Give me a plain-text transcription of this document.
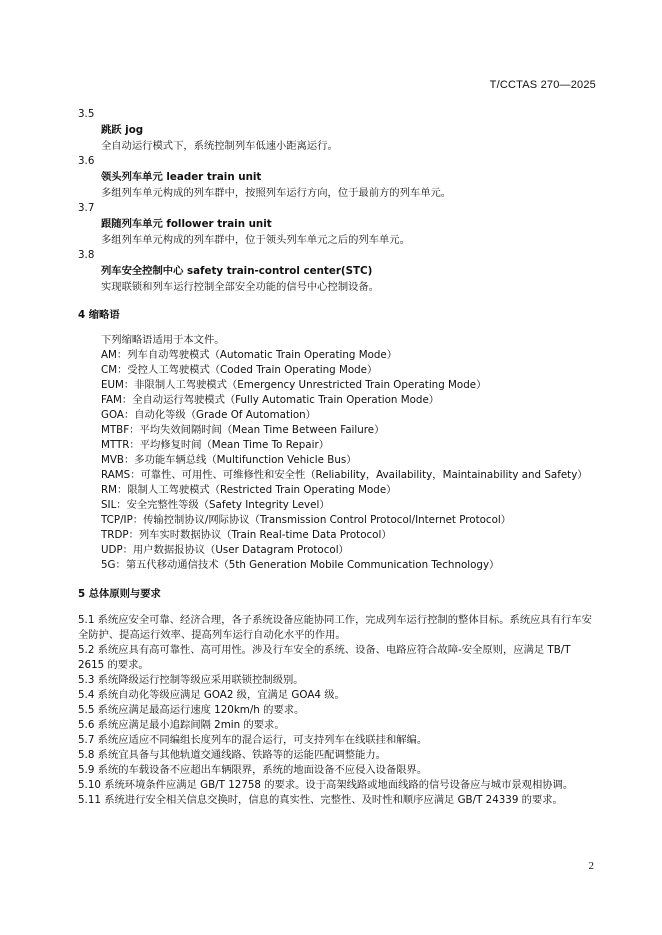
T/CCTAS 270—2025
3.5
跳跃 jog
全自动运行模式下，系统控制列车低速小距离运行。
3.6
领头列车单元 leader train unit
多组列车单元构成的列车群中，按照列车运行方向，位于最前方的列车单元。
3.7
跟随列车单元 follower train unit
多组列车单元构成的列车群中，位于领头列车单元之后的列车单元。
3.8
列车安全控制中心 safety train-control center(STC)
实现联锁和列车运行控制全部安全功能的信号中心控制设备。
4 缩略语
下列缩略语适用于本文件。
AM：列车自动驾驶模式（Automatic Train Operating Mode）
CM：受控人工驾驶模式（Coded Train Operating Mode）
EUM：非限制人工驾驶模式（Emergency Unrestricted Train Operating Mode）
FAM：全自动运行驾驶模式（Fully Automatic Train Operation Mode）
GOA：自动化等级（Grade Of Automation）
MTBF：平均失效间隔时间（Mean Time Between Failure）
MTTR：平均修复时间（Mean Time To Repair）
MVB：多功能车辆总线（Multifunction Vehicle Bus）
RAMS：可靠性、可用性、可维修性和安全性（Reliability，Availability，Maintainability and Safety）
RM：限制人工驾驶模式（Restricted Train Operating Mode）
SIL：安全完整性等级（Safety Integrity Level）
TCP/IP：传输控制协议/网际协议（Transmission Control Protocol/Internet Protocol）
TRDP：列车实时数据协议（Train Real-time Data Protocol）
UDP：用户数据报协议（User Datagram Protocol）
5G：第五代移动通信技术（5th Generation Mobile Communication Technology）
5 总体原则与要求
5.1 系统应安全可靠、经济合理，各子系统设备应能协同工作，完成列车运行控制的整体目标。系统应具有行车安全防护、提高运行效率、提高列车运行自动化水平的作用。
5.2 系统应具有高可靠性、高可用性。涉及行车安全的系统、设备、电路应符合故障-安全原则，应满足 TB/T 2615 的要求。
5.3 系统降级运行控制等级应采用联锁控制级别。
5.4 系统自动化等级应满足 GOA2 级，宜满足 GOA4 级。
5.5 系统应满足最高运行速度 120km/h 的要求。
5.6 系统应满足最小追踪间隔 2min 的要求。
5.7 系统应适应不同编组长度列车的混合运行，可支持列车在线联挂和解编。
5.8 系统宜具备与其他轨道交通线路、铁路等的运能匹配调整能力。
5.9 系统的车载设备不应超出车辆限界，系统的地面设备不应侵入设备限界。
5.10 系统环境条件应满足 GB/T 12758 的要求。设于高架线路或地面线路的信号设备应与城市景观相协调。
5.11 系统进行安全相关信息交换时，信息的真实性、完整性、及时性和顺序应满足 GB/T 24339 的要求。
2
